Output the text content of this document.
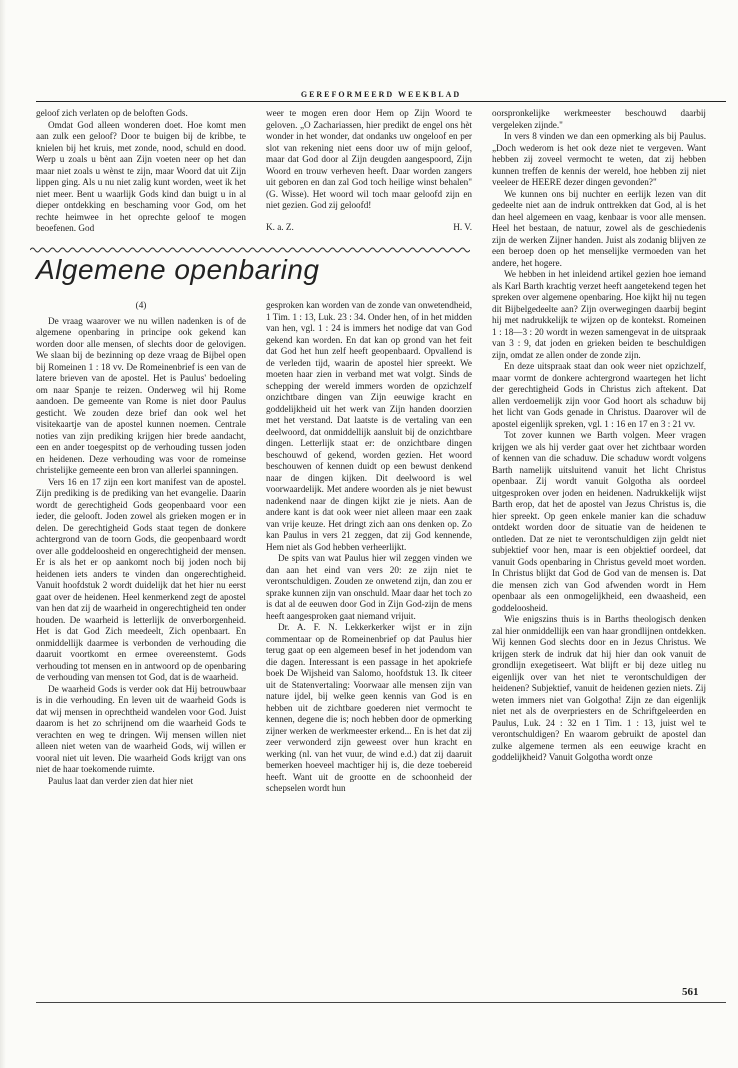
GEREFORMEERD WEEKBLAD

geloof zich verlaten op de beloften Gods.

Omdat God alleen wonderen doet. Hoe komt men aan zulk een geloof? Door te buigen bij de kribbe, te knielen bij het kruis, met zonde, nood, schuld en dood. Werp u zoals u bènt aan Zijn voeten neer op het dan maar niet zoals u wènst te zijn, maar Woord dat uit Zijn lippen ging. Als u nu niet zalig kunt worden, weet ik het niet meer. Bent u waarlijk Gods kind dan buigt u in al dieper ontdekking en beschaming voor God, om het rechte heimwee in het oprechte geloof te mogen beoefenen. God

weer te mogen eren door Hem op Zijn Woord te geloven. „O Zachariassen, hier predikt de engel ons hèt wonder in het wonder, dat ondanks uw ongeloof en per slot van rekening niet eens door uw of mijn geloof, maar dat God door al Zijn deugden aangespoord, Zijn Woord en trouw verheven heeft. Daar worden zangers uit geboren en dan zal God toch heilige winst behalen" (G. Wisse). Het woord wil toch maar geloofd zijn en niet gezien. God zij geloofd!

K. a. Z.	H. V.
Algemene openbaring
(4)

De vraag waarover we nu willen nadenken is of de algemene openbaring in principe ook gekend kan worden door alle mensen, of slechts door de gelovigen. We slaan bij de bezinning op deze vraag de Bijbel open bij Romeinen 1 : 18 vv. De Romeinenbrief is een van de latere brieven van de apostel. Het is Paulus' bedoeling om naar Spanje te reizen. Onderweg wil hij Rome aandoen. De gemeente van Rome is niet door Paulus gesticht. We zouden deze brief dan ook wel het visitekaartje van de apostel kunnen noemen. Centrale noties van zijn prediking krijgen hier brede aandacht, een en ander toegespitst op de verhouding tussen joden en heidenen. Deze verhouding was voor de romeinse christelijke gemeente een bron van allerlei spanningen.

Vers 16 en 17 zijn een kort manifest van de apostel. Zijn prediking is de prediking van het evangelie. Daarin wordt de gerechtigheid Gods geopenbaard voor een ieder, die gelooft. Joden zowel als grieken mogen er in delen. De gerechtigheid Gods staat tegen de donkere achtergrond van de toorn Gods, die geopenbaard wordt over alle goddeloosheid en ongerechtigheid der mensen. Er is als het er op aankomt noch bij joden noch bij heidenen iets anders te vinden dan ongerechtigheid. Vanuit hoofdstuk 2 wordt duidelijk dat het hier nu eerst gaat over de heidenen. Heel kenmerkend zegt de apostel van hen dat zij de waarheid in ongerechtigheid ten onder houden. De waarheid is letterlijk de onverborgenheid. Het is dat God Zich meedeelt, Zich openbaart. En onmiddellijk daarmee is verbonden de verhouding die daaruit voortkomt en ermee overeenstemt. Gods verhouding tot mensen en in antwoord op de openbaring de verhouding van mensen tot God, dat is de waarheid.

De waarheid Gods is verder ook dat Hij betrouwbaar is in die verhouding. En leven uit de waarheid Gods is dat wij mensen in oprechtheid wandelen voor God. Juist daarom is het zo schrijnend om die waarheid Gods te verachten en weg te dringen. Wij mensen willen niet alleen niet weten van de waarheid Gods, wij willen er vooral niet uit leven. Die waarheid Gods krijgt van ons niet de haar toekomende ruimte.

Paulus laat dan verder zien dat hier niet

gesproken kan worden van de zonde van onwetendheid, 1 Tim. 1 : 13, Luk. 23 : 34. Onder hen, of in het midden van hen, vgl. 1 : 24 is immers het nodige dat van God gekend kan worden. En dat kan op grond van het feit dat God het hun zelf heeft geopenbaard. Opvallend is de verleden tijd, waarin de apostel hier spreekt. We moeten haar zien in verband met wat volgt. Sinds de schepping der wereld immers worden de opzichzelf onzichtbare dingen van Zijn eeuwige kracht en goddelijkheid uit het werk van Zijn handen doorzien met het verstand. Dat laatste is de vertaling van een deelwoord, dat onmiddellijk aansluit bij de onzichtbare dingen. Letterlijk staat er: de onzichtbare dingen beschouwd of gekend, worden gezien. Het woord beschouwen of kennen duidt op een bewust denkend naar de dingen kijken. Dit deelwoord is wel voorwaardelijk. Met andere woorden als je niet bewust nadenkend naar de dingen kijkt zie je niets. Aan de andere kant is dat ook weer niet alleen maar een zaak van vrije keuze. Het dringt zich aan ons denken op. Zo kan Paulus in vers 21 zeggen, dat zij God kennende, Hem niet als God hebben verheerlijkt.

De spits van wat Paulus hier wil zeggen vinden we dan aan het eind van vers 20: ze zijn niet te verontschuldigen. Zouden ze onwetend zijn, dan zou er sprake kunnen zijn van onschuld. Maar daar het toch zo is dat al de eeuwen door God in Zijn God-zijn de mens heeft aangesproken gaat niemand vrijuit.

Dr. A. F. N. Lekkerkerker wijst er in zijn commentaar op de Romeinenbrief op dat Paulus hier terug gaat op een algemeen besef in het jodendom van die dagen. Interessant is een passage in het apokriefe boek De Wijsheid van Salomo, hoofdstuk 13. Ik citeer uit de Statenvertaling: Voorwaar alle mensen zijn van nature ijdel, bij welke geen kennis van God is en hebben uit de zichtbare goederen niet vermocht te kennen, degene die is; noch hebben door de opmerking zijner werken de werkmeester erkend... En is het dat zij zeer verwonderd zijn geweest over hun kracht en werking (nl. van het vuur, de wind e.d.) dat zij daaruit bemerken hoeveel machtiger hij is, die deze toebereid heeft. Want uit de grootte en de schoonheid der schepselen wordt hun

oorspronkelijke werkmeester beschouwd daarbij vergeleken zijnde."

In vers 8 vinden we dan een opmerking als bij Paulus. „Doch wederom is het ook deze niet te vergeven. Want hebben zij zoveel vermocht te weten, dat zij hebben kunnen treffen de kennis der wereld, hoe hebben zij niet veeleer de HEERE dezer dingen gevonden?"

We kunnen ons bij nuchter en eerlijk lezen van dit gedeelte niet aan de indruk onttrekken dat God, al is het dan heel algemeen en vaag, kenbaar is voor alle mensen. Heel het bestaan, de natuur, zowel als de geschiedenis zijn de werken Zijner handen. Juist als zodanig blijven ze een beroep doen op het menselijke vermoeden van het andere, het hogere.

We hebben in het inleidend artikel gezien hoe iemand als Karl Barth krachtig verzet heeft aangetekend tegen het spreken over algemene openbaring. Hoe kijkt hij nu tegen dit Bijbelgedeelte aan? Zijn overwegingen daarbij begint hij met nadrukkelijk te wijzen op de kontekst. Romeinen 1 : 18—3 : 20 wordt in wezen samengevat in de uitspraak van 3 : 9, dat joden en grieken beiden te beschuldigen zijn, omdat ze allen onder de zonde zijn.

En deze uitspraak staat dan ook weer niet opzichzelf, maar vormt de donkere achtergrond waartegen het licht der gerechtigheid Gods in Christus zich aftekent. Dat allen verdoemelijk zijn voor God hoort als schaduw bij het licht van Gods genade in Christus. Daarover wil de apostel eigenlijk spreken, vgl. 1 : 16 en 17 en 3 : 21 vv.

Tot zover kunnen we Barth volgen. Meer vragen krijgen we als hij verder gaat over het zichtbaar worden of kennen van die schaduw. Die schaduw wordt volgens Barth namelijk uitsluitend vanuit het licht Christus openbaar. Zij wordt vanuit Golgotha als oordeel uitgesproken over joden en heidenen. Nadrukkelijk wijst Barth erop, dat het de apostel van Jezus Christus is, die hier spreekt. Op geen enkele manier kan die schaduw ontdekt worden door de situatie van de heidenen te ontleden. Dat ze niet te verontschuldigen zijn geldt niet subjektief voor hen, maar is een objektief oordeel, dat vanuit Gods openbaring in Christus geveld moet worden. In Christus blijkt dat God de God van de mensen is. Dat die mensen zich van God afwenden wordt in Hem openbaar als een onmogelijkheid, een dwaasheid, een goddeloosheid.

Wie enigszins thuis is in Barths theologisch denken zal hier onmiddellijk een van haar grondlijnen ontdekken. Wij kennen God slechts door en in Jezus Christus. We krijgen sterk de indruk dat hij hier dan ook vanuit de grondlijn exegetiseert. Wat blijft er bij deze uitleg nu eigenlijk over van het niet te verontschuldigen der heidenen? Subjektief, vanuit de heidenen gezien niets. Zij weten immers niet van Golgotha! Zijn ze dan eigenlijk niet net als de overpriesters en de Schriftgeleerden en Paulus, Luk. 24 : 32 en 1 Tim. 1 : 13, juist wel te verontschuldigen? En waarom gebruikt de apostel dan zulke algemene termen als een eeuwige kracht en goddelijkheid? Vanuit Golgotha wordt onze

561
